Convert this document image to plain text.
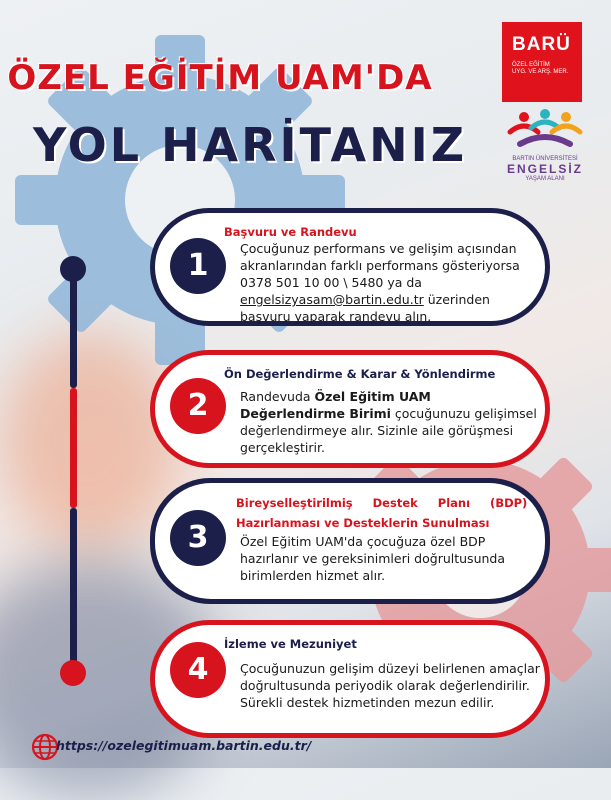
ÖZEL EĞİTİM UAM'DA
YOL HARİTANIZ
BARÜ
ÖZEL EĞİTİM
UYG. VE ARŞ. MER.
BARTIN ÜNİVERSİTESİ
ENGELSİZ
YAŞAM ALANI
1
Başvuru ve Randevu
Çocuğunuz performans ve gelişim açısından akranlarından farklı performans gösteriyorsa 0378 501 10 00 \ 5480 ya da engelsizyasam@bartin.edu.tr üzerinden başvuru yaparak randevu alın.
2
Ön Değerlendirme & Karar & Yönlendirme
Randevuda Özel Eğitim UAM Değerlendirme Birimi çocuğunuzu gelişimsel değerlendirmeye alır. Sizinle aile görüşmesi gerçekleştirir.
3
Bireyselleştirilmiş     Destek     Planı     (BDP)
Hazırlanması ve Desteklerin Sunulması
Özel Eğitim UAM'da çocuğuza özel BDP hazırlanır ve gereksinimleri doğrultusunda birimlerden hizmet alır.
4
İzleme ve Mezuniyet
Çocuğunuzun gelişim düzeyi belirlenen amaçlar doğrultusunda periyodik olarak değerlendirilir. Sürekli destek hizmetinden mezun edilir.
https://ozelegitimuam.bartin.edu.tr/
